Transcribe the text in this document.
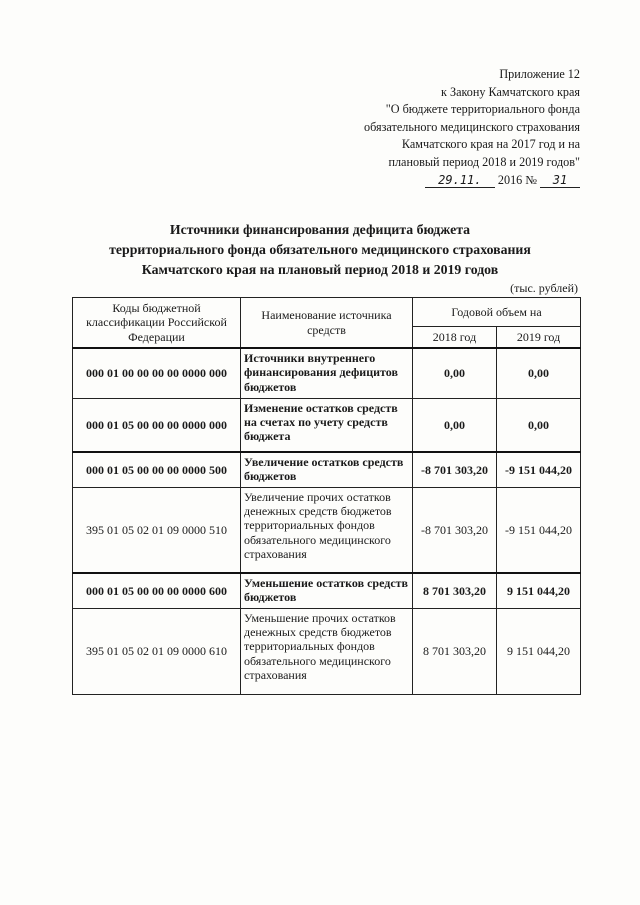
Приложение 12
к Закону Камчатского края
"О бюджете территориального фонда
обязательного медицинского страхования
Камчатского края на 2017 год и на
плановый период 2018 и 2019 годов"
29.11. 2016 № 31
Источники финансирования дефицита бюджета
территориального фонда обязательного медицинского страхования
Камчатского края на плановый период 2018 и 2019 годов
(тыс. рублей)
Коды бюджетной классификации Российской Федерации	Наименование источника средств	Годовой объем на	
		2018 год	2019 год
000 01 00 00 00 00 0000 000	Источники внутреннего финансирования дефицитов бюджетов	0,00	0,00
000 01 05 00 00 00 0000 000	Изменение остатков средств на счетах по учету средств бюджета	0,00	0,00
000 01 05 00 00 00 0000 500	Увеличение остатков средств бюджетов	-8 701 303,20	-9 151 044,20
395 01 05 02 01 09 0000 510	Увеличение прочих остатков денежных средств бюджетов территориальных фондов обязательного медицинского страхования	-8 701 303,20	-9 151 044,20
000 01 05 00 00 00 0000 600	Уменьшение остатков средств бюджетов	8 701 303,20	9 151 044,20
395 01 05 02 01 09 0000 610	Уменьшение прочих остатков денежных средств бюджетов территориальных фондов обязательного медицинского страхования	8 701 303,20	9 151 044,20
